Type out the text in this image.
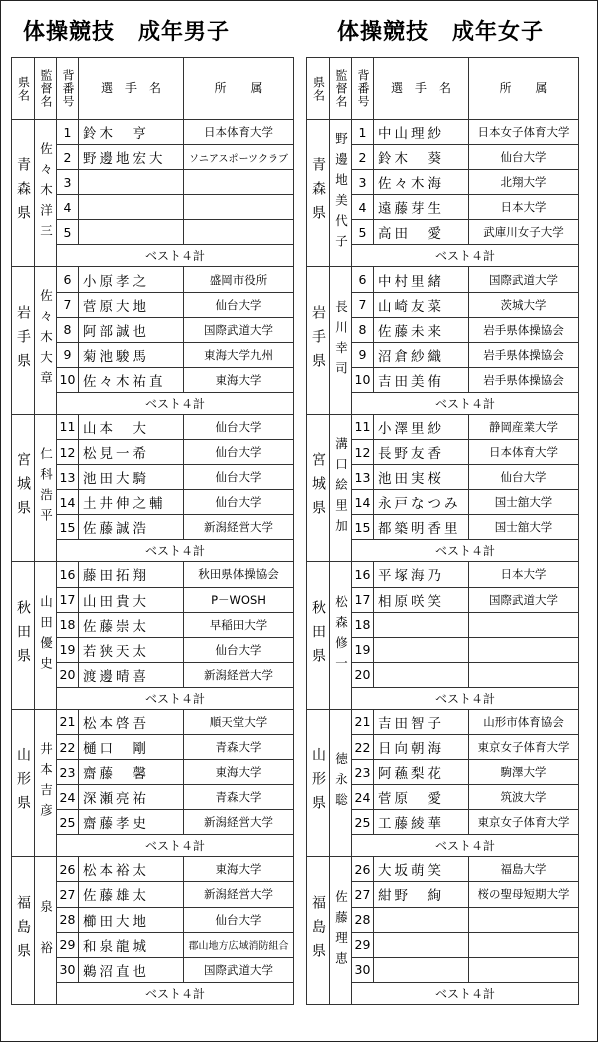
体操競技　成年男子	体操競技　成年女子
県名	監督名	背番号	選　手　名	所　　属

青森県	佐々木洋三	1	鈴木　亨	日本体育大学
		2	野邊地宏大	ソニアスポーツクラブ
		3		
		4		
		5		
		ベスト４計		

岩手県	佐々木大章	6	小原孝之	盛岡市役所
		7	菅原大地	仙台大学
		8	阿部誠也	国際武道大学
		9	菊池駿馬	東海大学九州
		10	佐々木祐直	東海大学
		ベスト４計		

宮城県	仁科浩平	11	山本　大	仙台大学
		12	松見一希	仙台大学
		13	池田大騎	仙台大学
		14	土井伸之輔	仙台大学
		15	佐藤誠浩	新潟経営大学
		ベスト４計		

秋田県	山田優史	16	藤田拓翔	秋田県体操協会
		17	山田貴大	P－WOSH
		18	佐藤崇太	早稲田大学
		19	若狭天太	仙台大学
		20	渡邊晴喜	新潟経営大学
		ベスト４計		

山形県	井本吉彦	21	松本啓吾	順天堂大学
		22	樋口　剛	青森大学
		23	齋藤　馨	東海大学
		24	深瀬亮祐	青森大学
		25	齋藤孝史	新潟経営大学
		ベスト４計		

福島県	泉　裕	26	松本裕太	東海大学
		27	佐藤雄太	新潟経営大学
		28	櫛田大地	仙台大学
		29	和泉龍城	郡山地方広域消防組合
		30	鵜沼直也	国際武道大学
		ベスト４計		
県名	監督名	背番号	選　手　名	所　　属

青森県	野邊地美代子	1	中山理紗	日本女子体育大学
		2	鈴木　葵	仙台大学
		3	佐々木海	北翔大学
		4	遠藤芽生	日本大学
		5	高田　愛	武庫川女子大学
		ベスト４計		

岩手県	長川幸司	6	中村里緒	国際武道大学
		7	山崎友菜	茨城大学
		8	佐藤未来	岩手県体操協会
		9	沼倉紗織	岩手県体操協会
		10	吉田美侑	岩手県体操協会
		ベスト４計		

宮城県	溝口絵里加	11	小澤里紗	静岡産業大学
		12	長野友香	日本体育大学
		13	池田実桜	仙台大学
		14	永戸なつみ	国士舘大学
		15	都築明香里	国士舘大学
		ベスト４計		

秋田県	松森修一	16	平塚海乃	日本大学
		17	相原咲笑	国際武道大学
		18		
		19		
		20		
		ベスト４計		

山形県	徳永聡	21	吉田智子	山形市体育協会
		22	日向朝海	東京女子体育大学
		23	阿蘓梨花	駒澤大学
		24	菅原　愛	筑波大学
		25	工藤綾華	東京女子体育大学
		ベスト４計		

福島県	佐藤理恵	26	大坂萌笑	福島大学
		27	紺野　絢	桜の聖母短期大学
		28		
		29		
		30		
		ベスト４計		
